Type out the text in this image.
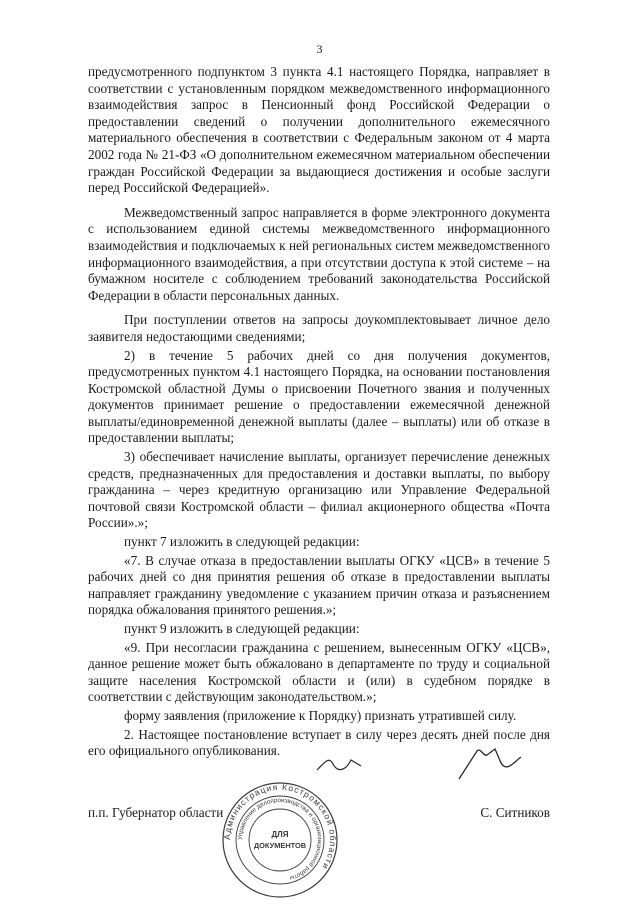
3

предусмотренного подпунктом 3 пункта 4.1 настоящего Порядка, направляет в соответствии с установленным порядком межведомственного информационного взаимодействия запрос в Пенсионный фонд Российской Федерации о предоставлении сведений о получении дополнительного ежемесячного материального обеспечения в соответствии с Федеральным законом от 4 марта 2002 года № 21-ФЗ «О дополнительном ежемесячном материальном обеспечении граждан Российской Федерации за выдающиеся достижения и особые заслуги перед Российской Федерацией».

Межведомственный запрос направляется в форме электронного документа с использованием единой системы межведомственного информационного взаимодействия и подключаемых к ней региональных систем межведомственного информационного взаимодействия, а при отсутствии доступа к этой системе – на бумажном носителе с соблюдением требований законодательства Российской Федерации в области персональных данных.

При поступлении ответов на запросы доукомплектовывает личное дело заявителя недостающими сведениями;

2) в течение 5 рабочих дней со дня получения документов, предусмотренных пунктом 4.1 настоящего Порядка, на основании постановления Костромской областной Думы о присвоении Почетного звания и полученных документов принимает решение о предоставлении ежемесячной денежной выплаты/единовременной денежной выплаты (далее – выплаты) или об отказе в предоставлении выплаты;

3) обеспечивает начисление выплаты, организует перечисление денежных средств, предназначенных для предоставления и доставки выплаты, по выбору гражданина – через кредитную организацию или Управление Федеральной почтовой связи Костромской области – филиал акционерного общества «Почта России».»;

пункт 7 изложить в следующей редакции:

«7. В случае отказа в предоставлении выплаты ОГКУ «ЦСВ» в течение 5 рабочих дней со дня принятия решения об отказе в предоставлении выплаты направляет гражданину уведомление с указанием причин отказа и разъяснением порядка обжалования принятого решения.»;

пункт 9 изложить в следующей редакции:

«9. При несогласии гражданина с решением, вынесенным ОГКУ «ЦСВ», данное решение может быть обжаловано в департаменте по труду и социальной защите населения Костромской области и (или) в судебном порядке в соответствии с действующим законодательством.»;

форму заявления (приложение к Порядку) признать утратившей силу.

2. Настоящее постановление вступает в силу через десять дней после дня его официального опубликования.

п.п. Губернатор области	С. Ситников
Администрация Костромской области
Управление делопроизводства и организационной работы
ДЛЯ
ДОКУМЕНТОВ
